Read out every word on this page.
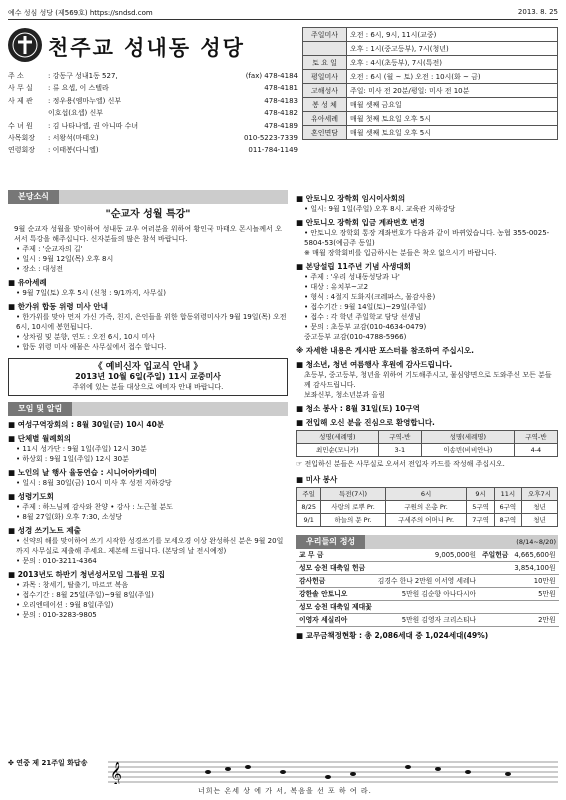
예수 성심 성당 (제569호) https://sndsd.com	2013. 8. 25
천주교 성내동 성당
주 소	: 강동구 성내1동 527,	(fax) 478-4184
사 무 실	: 류 요셉, 이 스텔라	478-4181
사 제 관	: 정우용(엠마누엘) 신부	478-4183
이호섭(요셉) 신부	478-4182
수 녀 원	: 김 나타나엘, 권 아니따 수녀	478-4189
사목회장	: 서왕석(마태오)	010-5223-7339
연령회장	: 이태봉(다니엘)	011-784-1149
주일미사	오전 : 6시, 9시, 11시(교중)
	오후 : 1시(중고등부), 7시(청년)
토 요 일	오후 : 4시(초등부), 7시(특전)
평일미사	오전 : 6시 (월 ~ 토) 오전 : 10시(화 ~ 금)
고해성사	주일: 미사 전 20분/평일: 미사 전 10분
봉 성 체	매월 셋째 금요일
유아세례	매월 첫째 토요일 오후 5시
혼인면담	매월 셋째 토요일 오후 5시
본당소식
"순교자 성월 특강"
9월 순교자 성월을 맞이하여 성내동 교우 여러분을 위하여 황인국 마태오 몬시뇰께서 오셔서 특강을 해주십니다. 신자분들의 많은 참석 바랍니다.
• 주제 : '순교자의 길'
• 일시 : 9월 12일(목) 오후 8시
• 장소 : 대성전
■ 유아세례
• 9월 7일(토) 오후 5시 (신청 : 9/1까지, 사무실)
■ 한가위 합동 위령 미사 안내
• 한가위를 맞아 먼저 가신 가족, 친지, 은인들을 위한 합동위령미사가 9월 19일(목) 오전 6시, 10시에 봉헌됩니다.
• 상차림 및 분향, 연도 : 오전 6시, 10시 미사
• 합동 위령 미사 예물은 사무실에서 접수 합니다.
《 예비신자 입교식 안내 》
2013년 10월 6일(주일) 11시 교중미사
주위에 있는 분들 대상으로 예비자 안내 바랍니다.
모임 및 알림
■ 여성구역장회의 : 8월 30일(금) 10시 40분
■ 단체별 월례회의
• 11시 성가단 : 9월 1일(주일) 12시 30분
• 하상회 : 9월 1일(주일) 12시 30분
■ 노인의 날 행사 율동연습 : 시니어아카데미
• 일시 : 8월 30일(금) 10시 미사 후 성전 지하강당
■ 성령기도회
• 주제 : 하느님께 감사와 찬양 • 강사 : 노근철 분도
• 8월 27일(화) 오후 7:30, 소성당
■ 성경 쓰기노트 제출
• 신약의 해를 맞이하여 쓰기 시작한 성경쓰기를 모세오경 이상 완성하신 분은 9월 20일까지 사무실로 제출해 주세요. 제본해 드립니다. (본당의 날 전시예정)
• 문의 : 010-3211-4364
■ 2013년도 하반기 청년성서모임 그룹원 모집
• 과목 : 창세기, 탈출기, 마르코 복음
• 접수기간 : 8월 25일(주일)~9월 8일(주일)
• 오리엔테이션 : 9월 8일(주일)
• 문의 : 010-3283-9805
■ 안토니오 장학회 임시이사회의
• 일시: 9월 1일(주일) 오후 8시. 교육관 지하강당
■ 안토니오 장학회 입금 계좌번호 변경
• 안토니오 장학회 통장 계좌번호가 다음과 같이 바뀌었습니다. 농협 355-0025-5804-53(예금주 동일)
※ 매월 장학회비를 입금하시는 분들은 착오 없으시기 바랍니다.
■ 본당설립 11주년 기념 사생대회
• 주제 : '우리 성내동성당과 나'
• 대상 : 유치부~고2
• 형식 : 4절지 도화지(크레파스, 물감사용)
• 접수기간 : 9월 14일(토)~29일(주일)
• 접수 : 각 학년 주일학교 담당 선생님
• 문의 : 초등부 교감(010-4634-0479)
중고등부 교감(010-4788-5966)
※ 자세한 내용은 게시판 포스터를 참조하여 주십시오.
■ 청소년, 청년 여름행사 후원에 감사드립니다.
초등부, 중고등부, 청년을 위하여 기도해주시고, 물심양면으로 도와주신 모든 분들께 감사드립니다.
보좌신부, 청소년분과 올림
■ 청소 봉사 : 8월 31일(토) 10구역
■ 전입해 오신 분을 진심으로 환영합니다.
성명(세례명)	구역-반	성명(세례명)	구역-반
최민순(모니카)	3-1	이송빈(비비안나)	4-4
☞ 전입하신 분들은 사무실로 오셔서 전입자 카드를 작성해 주십시오.
■ 미사 봉사
주일	특전(7시)	6시	9시	11시	오후7시
8/25	사랑의 로뿌 Pr.	구원의 은총 Pr.	5구역	6구역	청년
9/1	하늘의 문 Pr.	구세주의 어머니 Pr.	7구역	8구역	청년
우리들의 정성	(8/14~8/20)
교 무 금	9,005,000원	주일헌금	4,665,600원
성모 승천 대축일 헌금			3,854,100원
감사헌금	김경수 한나 2만원 이서영 세레나		10만원
강한솔 안토니오	5만원 김순향 아나다시아		5만원
성모 승천 대축일 제대꽃			
이영자 세실리아	5만원 김영자 크리스티나		2만원
■ 교무금책정현황 : 총 2,086세대 중 1,024세대(49%)
✤ 연중 제 21주일 화답송 𝄞
너희는 온세 상 에 가 서, 복음을 선 포 하 여 라.
